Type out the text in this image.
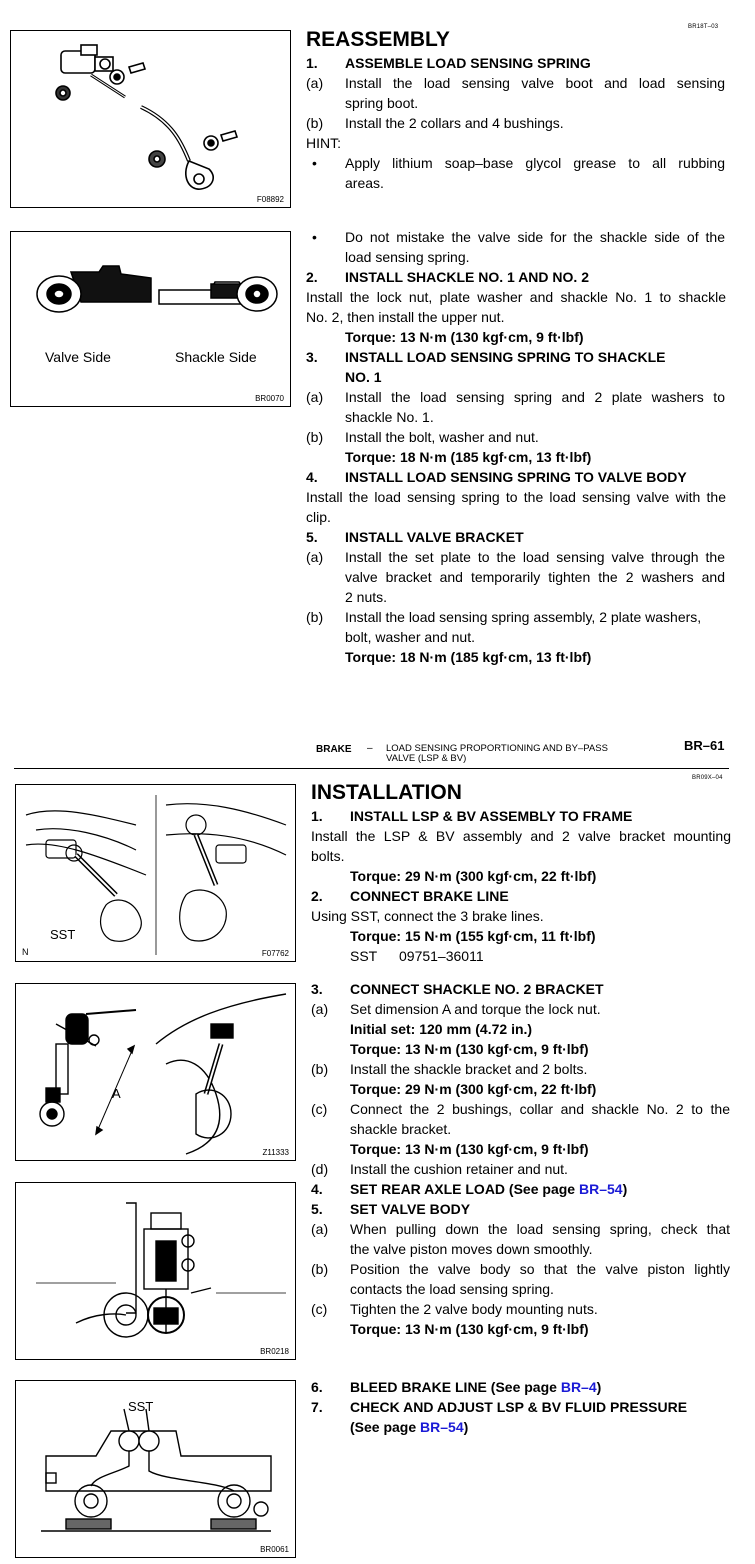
BR18T–03
F08892
Valve Side	Shackle Side
BR0070
REASSEMBLY
1. ASSEMBLE LOAD SENSING SPRING
(a) Install the load sensing valve boot and load sensing
spring boot.
(b) Install the 2 collars and 4 bushings.
HINT:
• Apply lithium soap–base glycol grease to all rubbing
areas.
• Do not mistake the valve side for the shackle side of the
load sensing spring.
2. INSTALL SHACKLE NO. 1 AND NO. 2
Install the lock nut, plate washer and shackle No. 1 to shackle
No. 2, then install the upper nut.
Torque: 13 N·m (130 kgf·cm, 9 ft·lbf)
3. INSTALL LOAD SENSING SPRING TO SHACKLE
NO. 1
(a) Install the load sensing spring and 2 plate washers to
shackle No. 1.
(b) Install the bolt, washer and nut.
Torque: 18 N·m (185 kgf·cm, 13 ft·lbf)
4. INSTALL LOAD SENSING SPRING TO VALVE BODY
Install the load sensing spring to the load sensing valve with the
clip.
5. INSTALL VALVE BRACKET
(a) Install the set plate to the load sensing valve through the
valve bracket and temporarily tighten the 2 washers and
2 nuts.
(b) Install the load sensing spring assembly, 2 plate washers,
bolt, washer and nut.
Torque: 18 N·m (185 kgf·cm, 13 ft·lbf)
BRAKE – LOAD SENSING PROPORTIONING AND BY–PASS
VALVE (LSP & BV)
BR–61
BR09X–04
SST
N	F07762
A
Z11333
BR0218
SST
BR0061
INSTALLATION
1. INSTALL LSP & BV ASSEMBLY TO FRAME
Install the LSP & BV assembly and 2 valve bracket mounting
bolts.
Torque: 29 N·m (300 kgf·cm, 22 ft·lbf)
2. CONNECT BRAKE LINE
Using SST, connect the 3 brake lines.
Torque: 15 N·m (155 kgf·cm, 11 ft·lbf)
SST 09751–36011
3. CONNECT SHACKLE NO. 2 BRACKET
(a) Set dimension A and torque the lock nut.
Initial set: 120 mm (4.72 in.)
Torque: 13 N·m (130 kgf·cm, 9 ft·lbf)
(b) Install the shackle bracket and 2 bolts.
Torque: 29 N·m (300 kgf·cm, 22 ft·lbf)
(c) Connect the 2 bushings, collar and shackle No. 2 to the
shackle bracket.
Torque: 13 N·m (130 kgf·cm, 9 ft·lbf)
(d) Install the cushion retainer and nut.
4. SET REAR AXLE LOAD (See page BR–54)
5. SET VALVE BODY
(a) When pulling down the load sensing spring, check that
the valve piston moves down smoothly.
(b) Position the valve body so that the valve piston lightly
contacts the load sensing spring.
(c) Tighten the 2 valve body mounting nuts.
Torque: 13 N·m (130 kgf·cm, 9 ft·lbf)
6. BLEED BRAKE LINE (See page BR–4)
7. CHECK AND ADJUST LSP & BV FLUID PRESSURE
(See page BR–54)
